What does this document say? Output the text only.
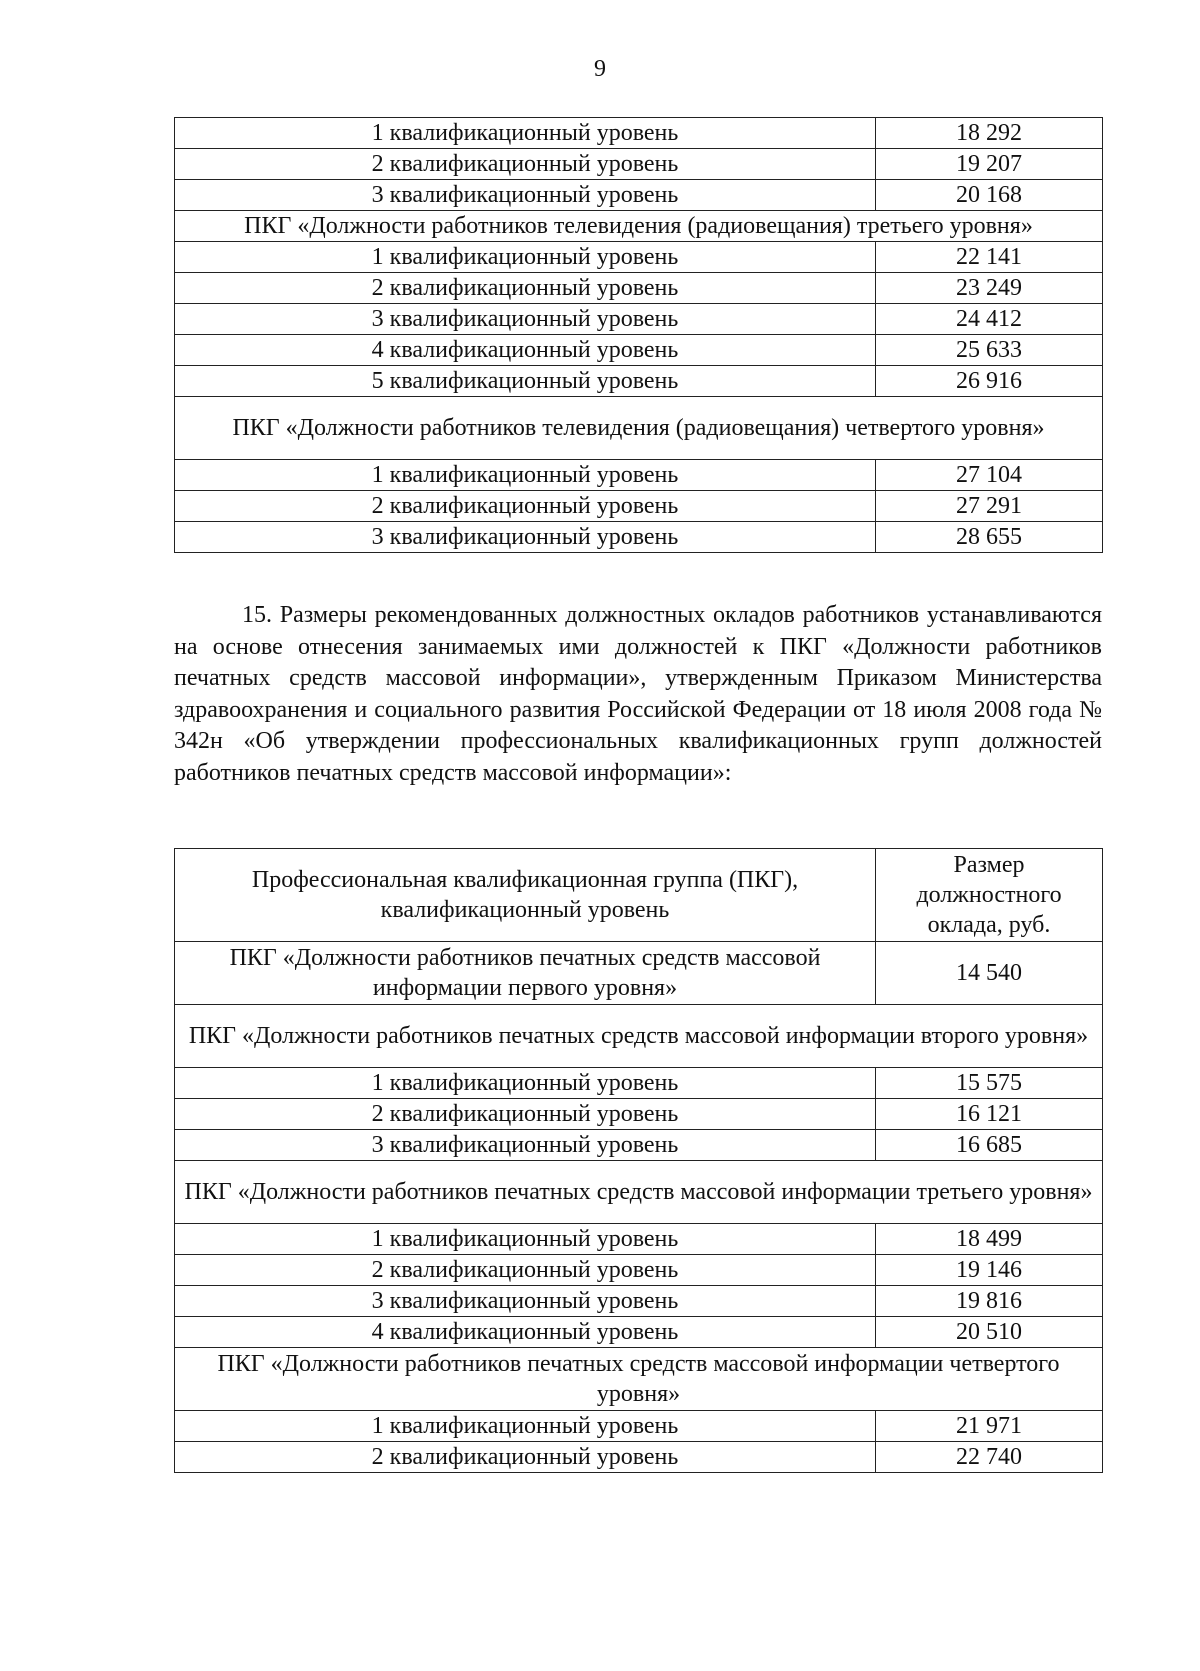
9
1 квалификационный уровень	18 292
2 квалификационный уровень	19 207
3 квалификационный уровень	20 168
ПКГ «Должности работников телевидения (радиовещания) третьего уровня»	
1 квалификационный уровень	22 141
2 квалификационный уровень	23 249
3 квалификационный уровень	24 412
4 квалификационный уровень	25 633
5 квалификационный уровень	26 916
ПКГ «Должности работников телевидения (радиовещания) четвертого уровня»	
1 квалификационный уровень	27 104
2 квалификационный уровень	27 291
3 квалификационный уровень	28 655
15. Размеры рекомендованных должностных окладов работников устанавливаются на основе отнесения занимаемых ими должностей к ПКГ «Должности работников печатных средств массовой информации», утвержденным Приказом Министерства здравоохранения и социального развития Российской Федерации от 18 июля 2008 года № 342н «Об утверждении профессиональных квалификационных групп должностей работников печатных средств массовой информации»:
Профессиональная квалификационная группа (ПКГ), квалификационный уровень	Размер должностного оклада, руб.
ПКГ «Должности работников печатных средств массовой информации первого уровня»	14 540
ПКГ «Должности работников печатных средств массовой информации второго уровня»	
1 квалификационный уровень	15 575
2 квалификационный уровень	16 121
3 квалификационный уровень	16 685
ПКГ «Должности работников печатных средств массовой информации третьего уровня»	
1 квалификационный уровень	18 499
2 квалификационный уровень	19 146
3 квалификационный уровень	19 816
4 квалификационный уровень	20 510
ПКГ «Должности работников печатных средств массовой информации четвертого уровня»	
1 квалификационный уровень	21 971
2 квалификационный уровень	22 740
